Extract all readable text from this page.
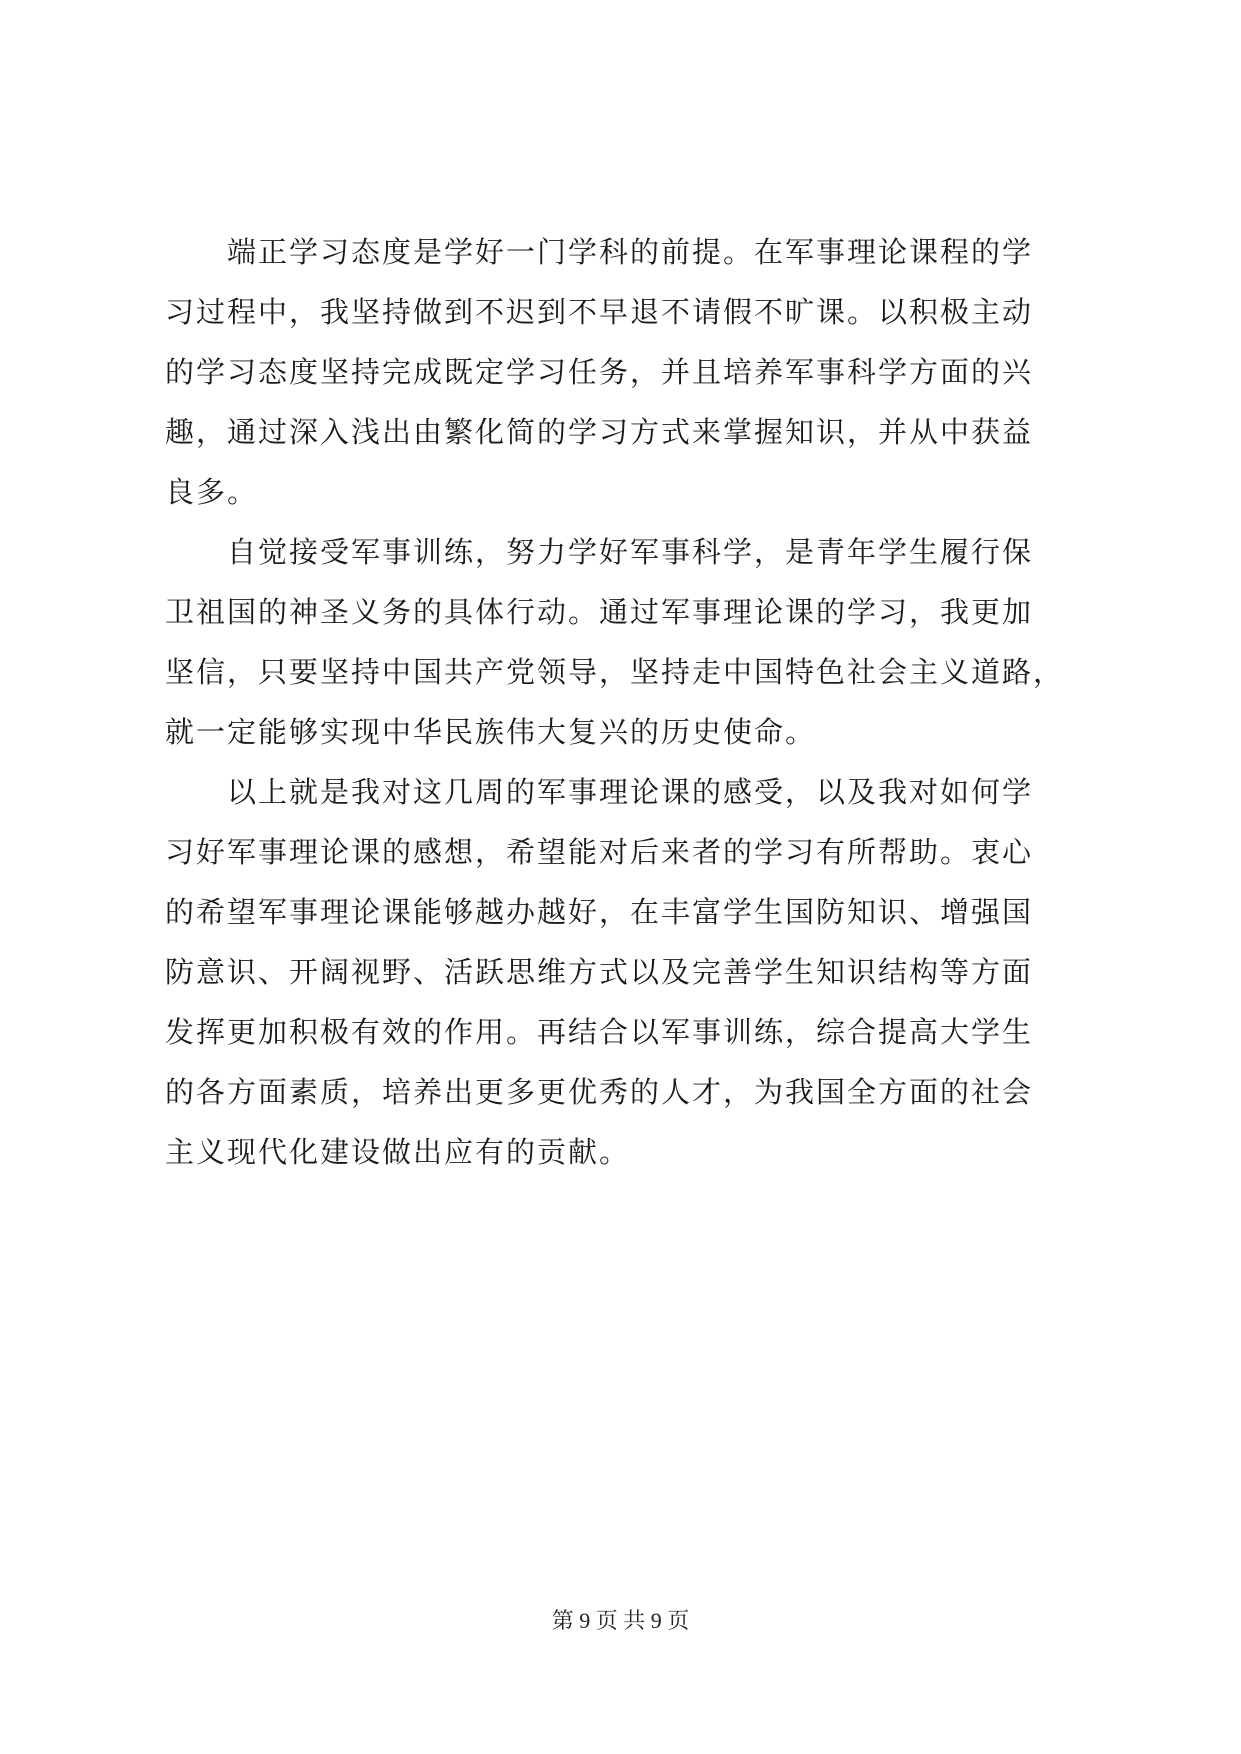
　　端正学习态度是学好一门学科的前提。在军事理论课程的学
习过程中，我坚持做到不迟到不早退不请假不旷课。以积极主动
的学习态度坚持完成既定学习任务，并且培养军事科学方面的兴
趣，通过深入浅出由繁化简的学习方式来掌握知识，并从中获益
良多。
　　自觉接受军事训练，努力学好军事科学，是青年学生履行保
卫祖国的神圣义务的具体行动。通过军事理论课的学习，我更加
坚信，只要坚持中国共产党领导，坚持走中国特色社会主义道路，
就一定能够实现中华民族伟大复兴的历史使命。
　　以上就是我对这几周的军事理论课的感受，以及我对如何学
习好军事理论课的感想，希望能对后来者的学习有所帮助。衷心
的希望军事理论课能够越办越好，在丰富学生国防知识、增强国
防意识、开阔视野、活跃思维方式以及完善学生知识结构等方面
发挥更加积极有效的作用。再结合以军事训练，综合提高大学生
的各方面素质，培养出更多更优秀的人才，为我国全方面的社会
主义现代化建设做出应有的贡献。
第 9 页 共 9 页
